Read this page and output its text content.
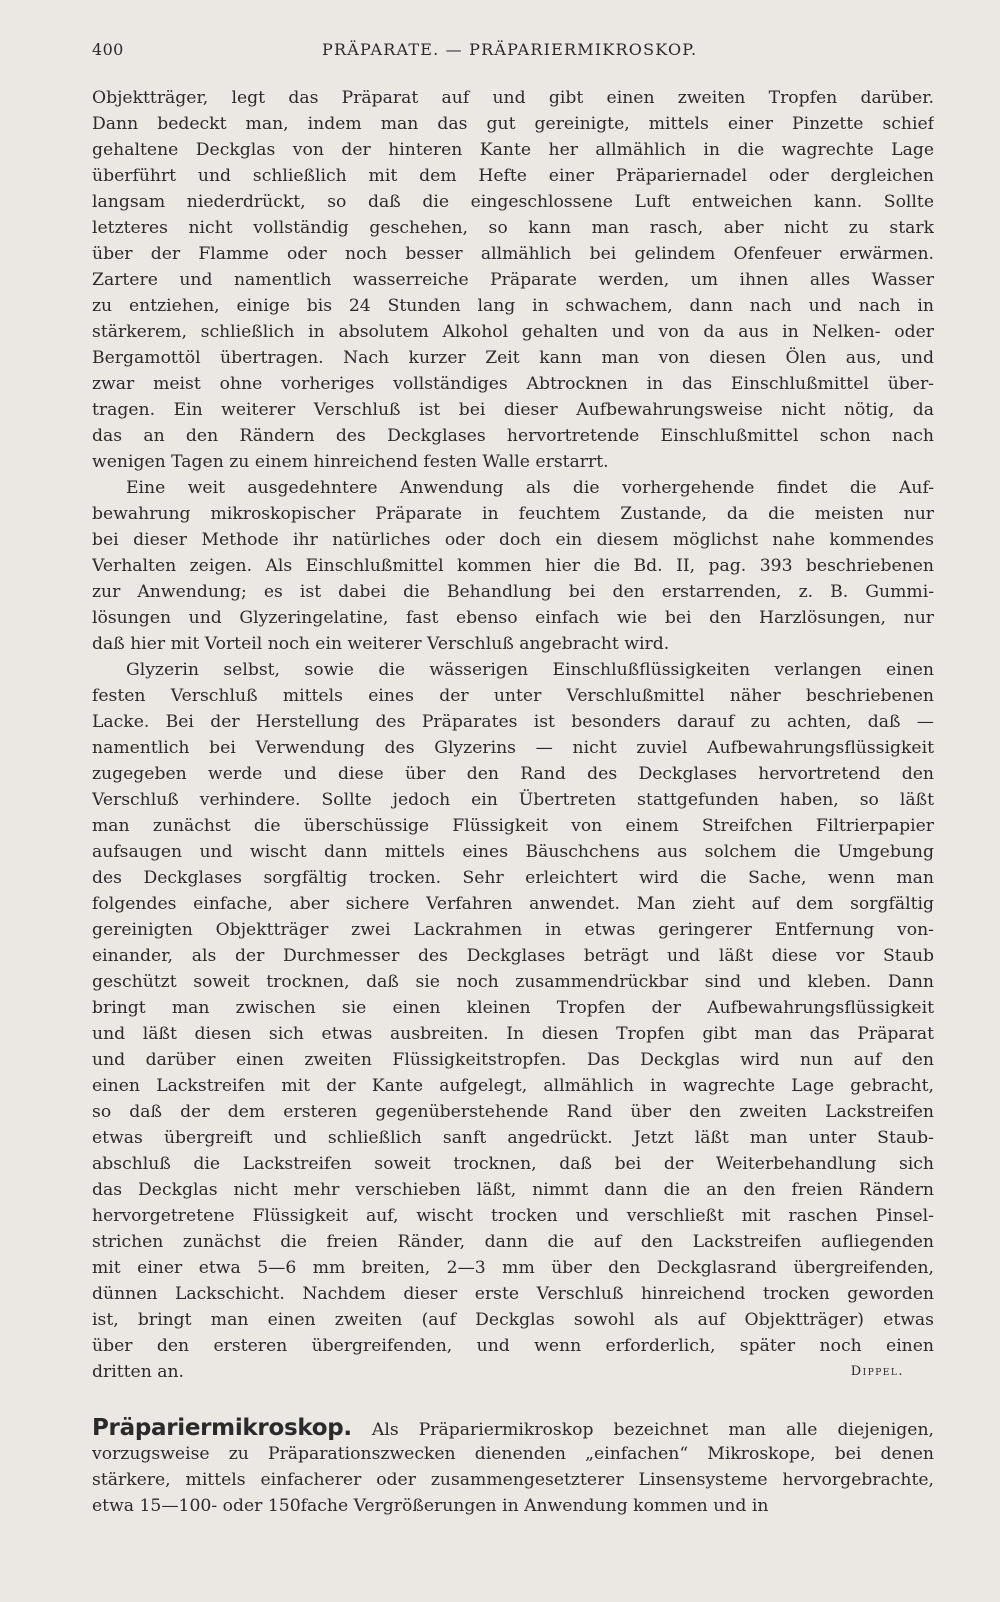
400	PRÄPARATE. — PRÄPARIERMIKROSKOP.
Objektträger, legt das Präparat auf und gibt einen zweiten Tropfen darüber.
Dann bedeckt man, indem man das gut gereinigte, mittels einer Pinzette schief
gehaltene Deckglas von der hinteren Kante her allmählich in die wagrechte Lage
überführt und schließlich mit dem Hefte einer Präpariernadel oder dergleichen
langsam niederdrückt, so daß die eingeschlossene Luft entweichen kann. Sollte
letzteres nicht vollständig geschehen, so kann man rasch, aber nicht zu stark
über der Flamme oder noch besser allmählich bei gelindem Ofenfeuer erwärmen.
Zartere und namentlich wasserreiche Präparate werden, um ihnen alles Wasser
zu entziehen, einige bis 24 Stunden lang in schwachem, dann nach und nach in
stärkerem, schließlich in absolutem Alkohol gehalten und von da aus in Nelken- oder
Bergamottöl übertragen. Nach kurzer Zeit kann man von diesen Ölen aus, und
zwar meist ohne vorheriges vollständiges Abtrocknen in das Einschlußmittel über-
tragen. Ein weiterer Verschluß ist bei dieser Aufbewahrungsweise nicht nötig, da
das an den Rändern des Deckglases hervortretende Einschlußmittel schon nach
wenigen Tagen zu einem hinreichend festen Walle erstarrt.
Eine weit ausgedehntere Anwendung als die vorhergehende findet die Auf-
bewahrung mikroskopischer Präparate in feuchtem Zustande, da die meisten nur
bei dieser Methode ihr natürliches oder doch ein diesem möglichst nahe kommendes
Verhalten zeigen. Als Einschlußmittel kommen hier die Bd. II, pag. 393 beschriebenen
zur Anwendung; es ist dabei die Behandlung bei den erstarrenden, z. B. Gummi-
lösungen und Glyzeringelatine, fast ebenso einfach wie bei den Harzlösungen, nur
daß hier mit Vorteil noch ein weiterer Verschluß angebracht wird.
Glyzerin selbst, sowie die wässerigen Einschlußflüssigkeiten verlangen einen
festen Verschluß mittels eines der unter Verschlußmittel näher beschriebenen
Lacke. Bei der Herstellung des Präparates ist besonders darauf zu achten, daß —
namentlich bei Verwendung des Glyzerins — nicht zuviel Aufbewahrungsflüssigkeit
zugegeben werde und diese über den Rand des Deckglases hervortretend den
Verschluß verhindere. Sollte jedoch ein Übertreten stattgefunden haben, so läßt
man zunächst die überschüssige Flüssigkeit von einem Streifchen Filtrierpapier
aufsaugen und wischt dann mittels eines Bäuschchens aus solchem die Umgebung
des Deckglases sorgfältig trocken. Sehr erleichtert wird die Sache, wenn man
folgendes einfache, aber sichere Verfahren anwendet. Man zieht auf dem sorgfältig
gereinigten Objektträger zwei Lackrahmen in etwas geringerer Entfernung von-
einander, als der Durchmesser des Deckglases beträgt und läßt diese vor Staub
geschützt soweit trocknen, daß sie noch zusammendrückbar sind und kleben. Dann
bringt man zwischen sie einen kleinen Tropfen der Aufbewahrungsflüssigkeit
und läßt diesen sich etwas ausbreiten. In diesen Tropfen gibt man das Präparat
und darüber einen zweiten Flüssigkeitstropfen. Das Deckglas wird nun auf den
einen Lackstreifen mit der Kante aufgelegt, allmählich in wagrechte Lage gebracht,
so daß der dem ersteren gegenüberstehende Rand über den zweiten Lackstreifen
etwas übergreift und schließlich sanft angedrückt. Jetzt läßt man unter Staub-
abschluß die Lackstreifen soweit trocknen, daß bei der Weiterbehandlung sich
das Deckglas nicht mehr verschieben läßt, nimmt dann die an den freien Rändern
hervorgetretene Flüssigkeit auf, wischt trocken und verschließt mit raschen Pinsel-
strichen zunächst die freien Ränder, dann die auf den Lackstreifen aufliegenden
mit einer etwa 5—6 mm breiten, 2—3 mm über den Deckglasrand übergreifenden,
dünnen Lackschicht. Nachdem dieser erste Verschluß hinreichend trocken geworden
ist, bringt man einen zweiten (auf Deckglas sowohl als auf Objektträger) etwas
über den ersteren übergreifenden, und wenn erforderlich, später noch einen
dritten an.	Dippel.
Präpariermikroskop. Als Präpariermikroskop bezeichnet man alle diejenigen,
vorzugsweise zu Präparationszwecken dienenden „einfachen“ Mikroskope, bei denen
stärkere, mittels einfacherer oder zusammengesetzterer Linsensysteme hervorgebrachte,
etwa 15—100- oder 150fache Vergrößerungen in Anwendung kommen und in
